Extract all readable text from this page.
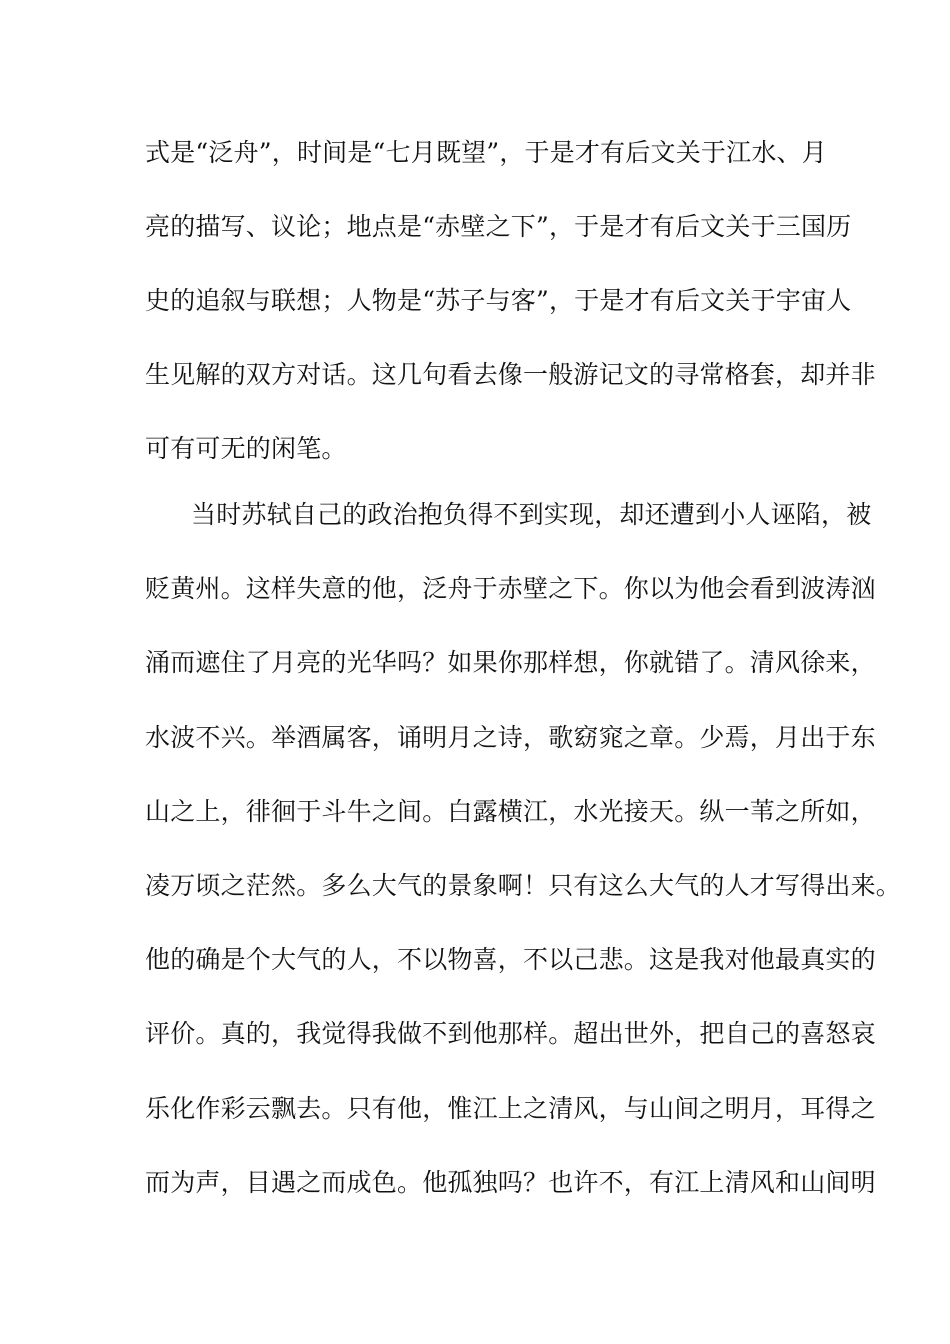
式是“泛舟”，时间是“七月既望”，于是才有后文关于江水、月
亮的描写、议论；地点是“赤壁之下”，于是才有后文关于三国历
史的追叙与联想；人物是“苏子与客”，于是才有后文关于宇宙人
生见解的双方对话。这几句看去像一般游记文的寻常格套，却并非
可有可无的闲笔。
当时苏轼自己的政治抱负得不到实现，却还遭到小人诬陷，被
贬黄州。这样失意的他，泛舟于赤壁之下。你以为他会看到波涛汹
涌而遮住了月亮的光华吗？如果你那样想，你就错了。清风徐来，
水波不兴。举酒属客，诵明月之诗，歌窈窕之章。少焉，月出于东
山之上，徘徊于斗牛之间。白露横江，水光接天。纵一苇之所如，
凌万顷之茫然。多么大气的景象啊！只有这么大气的人才写得出来。
他的确是个大气的人，不以物喜，不以己悲。这是我对他最真实的
评价。真的，我觉得我做不到他那样。超出世外，把自己的喜怒哀
乐化作彩云飘去。只有他，惟江上之清风，与山间之明月，耳得之
而为声，目遇之而成色。他孤独吗？也许不，有江上清风和山间明
